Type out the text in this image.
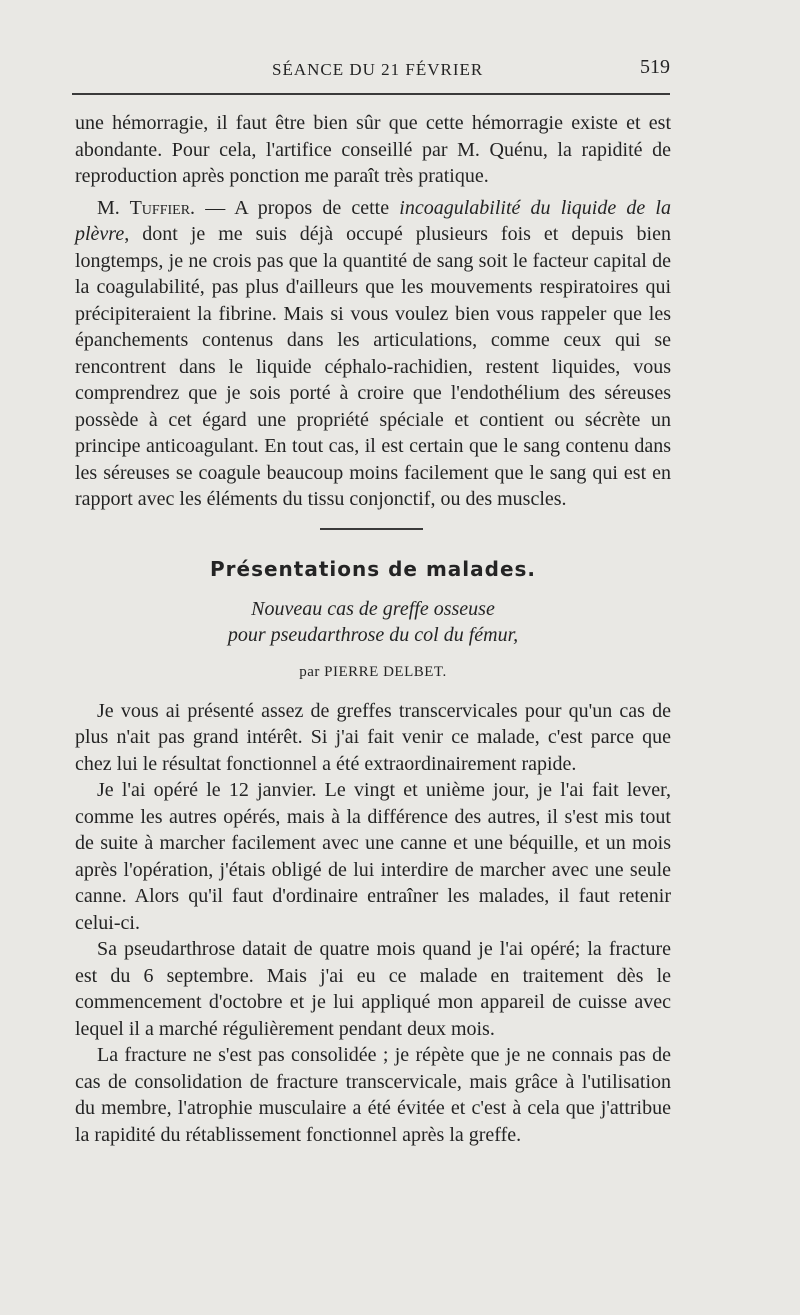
SÉANCE DU 21 FÉVRIER	519

une hémorragie, il faut être bien sûr que cette hémorragie existe et est abondante. Pour cela, l'artifice conseillé par M. Quénu, la rapidité de reproduction après ponction me paraît très pratique.

M. Tuffier. — A propos de cette incoagulabilité du liquide de la plèvre, dont je me suis déjà occupé plusieurs fois et depuis bien longtemps, je ne crois pas que la quantité de sang soit le facteur capital de la coagulabilité, pas plus d'ailleurs que les mouvements respiratoires qui précipiteraient la fibrine. Mais si vous voulez bien vous rappeler que les épanchements contenus dans les articulations, comme ceux qui se rencontrent dans le liquide céphalo-rachidien, restent liquides, vous comprendrez que je sois porté à croire que l'endothélium des séreuses possède à cet égard une propriété spéciale et contient ou sécrète un principe anticoagulant. En tout cas, il est certain que le sang contenu dans les séreuses se coagule beaucoup moins facilement que le sang qui est en rapport avec les éléments du tissu conjonctif, ou des muscles.

Présentations de malades.
Nouveau cas de greffe osseuse
pour pseudarthrose du col du fémur,
par PIERRE DELBET.

Je vous ai présenté assez de greffes transcervicales pour qu'un cas de plus n'ait pas grand intérêt. Si j'ai fait venir ce malade, c'est parce que chez lui le résultat fonctionnel a été extraordinairement rapide.

Je l'ai opéré le 12 janvier. Le vingt et unième jour, je l'ai fait lever, comme les autres opérés, mais à la différence des autres, il s'est mis tout de suite à marcher facilement avec une canne et une béquille, et un mois après l'opération, j'étais obligé de lui interdire de marcher avec une seule canne. Alors qu'il faut d'ordinaire entraîner les malades, il faut retenir celui-ci.

Sa pseudarthrose datait de quatre mois quand je l'ai opéré; la fracture est du 6 septembre. Mais j'ai eu ce malade en traitement dès le commencement d'octobre et je lui appliqué mon appareil de cuisse avec lequel il a marché régulièrement pendant deux mois.

La fracture ne s'est pas consolidée ; je répète que je ne connais pas de cas de consolidation de fracture transcervicale, mais grâce à l'utilisation du membre, l'atrophie musculaire a été évitée et c'est à cela que j'attribue la rapidité du rétablissement fonctionnel après la greffe.
